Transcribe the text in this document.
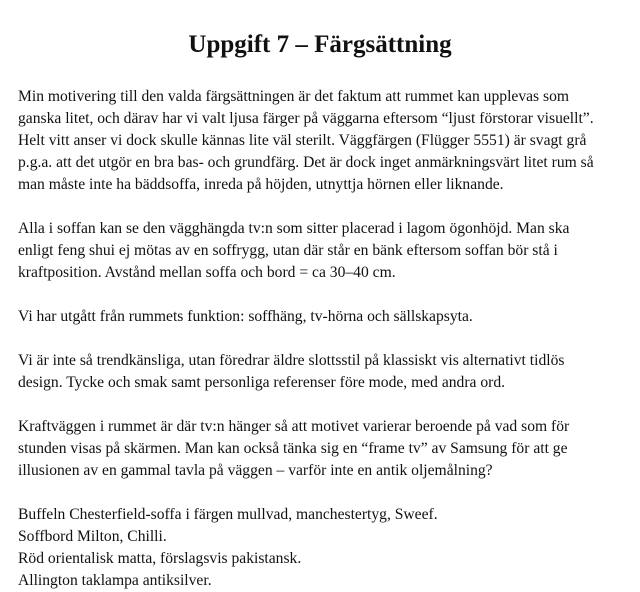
Uppgift 7 – Färgsättning

Min motivering till den valda färgsättningen är det faktum att rummet kan upplevas som
ganska litet, och därav har vi valt ljusa färger på väggarna eftersom “ljust förstorar visuellt”.
Helt vitt anser vi dock skulle kännas lite väl sterilt. Väggfärgen (Flügger 5551) är svagt grå
p.g.a. att det utgör en bra bas- och grundfärg. Det är dock inget anmärkningsvärt litet rum så
man måste inte ha bäddsoffa, inreda på höjden, utnyttja hörnen eller liknande.

Alla i soffan kan se den vägghängda tv:n som sitter placerad i lagom ögonhöjd. Man ska
enligt feng shui ej mötas av en soffrygg, utan där står en bänk eftersom soffan bör stå i
kraftposition. Avstånd mellan soffa och bord = ca 30–40 cm.

Vi har utgått från rummets funktion: soffhäng, tv-hörna och sällskapsyta.

Vi är inte så trendkänsliga, utan föredrar äldre slottsstil på klassiskt vis alternativt tidlös
design. Tycke och smak samt personliga referenser före mode, med andra ord.

Kraftväggen i rummet är där tv:n hänger så att motivet varierar beroende på vad som för
stunden visas på skärmen. Man kan också tänka sig en “frame tv” av Samsung för att ge
illusionen av en gammal tavla på väggen – varför inte en antik oljemålning?

Buffeln Chesterfield-soffa i färgen mullvad, manchestertyg, Sweef.
Soffbord Milton, Chilli.
Röd orientalisk matta, förslagsvis pakistansk.
Allington taklampa antiksilver.
